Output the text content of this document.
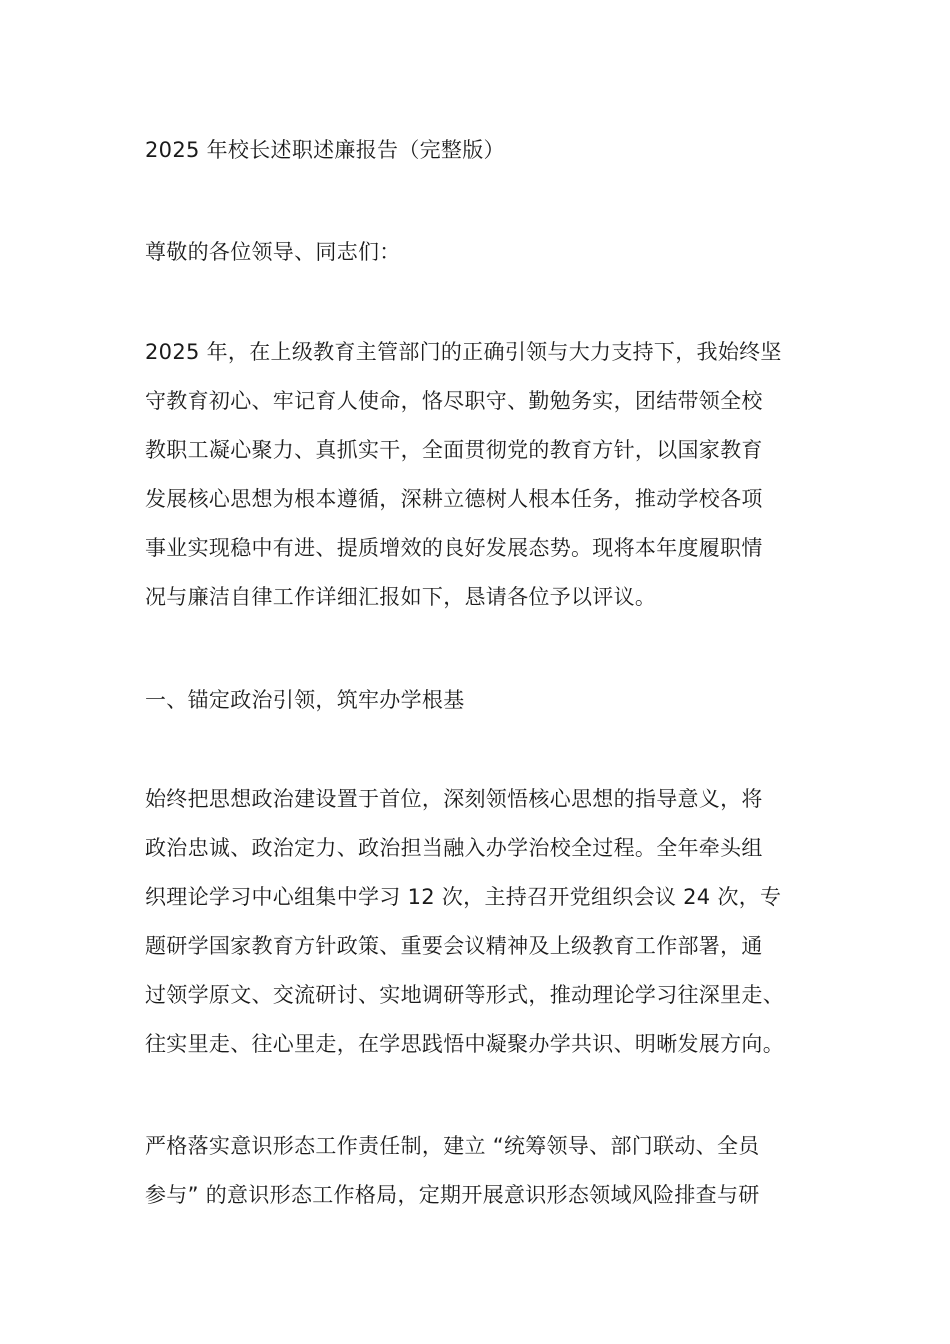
2025 年校长述职述廉报告（完整版）
尊敬的各位领导、同志们：
2025 年，在上级教育主管部门的正确引领与大力支持下，我始终坚
守教育初心、牢记育人使命，恪尽职守、勤勉务实，团结带领全校
教职工凝心聚力、真抓实干，全面贯彻党的教育方针，以国家教育
发展核心思想为根本遵循，深耕立德树人根本任务，推动学校各项
事业实现稳中有进、提质增效的良好发展态势。现将本年度履职情
况与廉洁自律工作详细汇报如下，恳请各位予以评议。
一、锚定政治引领，筑牢办学根基
始终把思想政治建设置于首位，深刻领悟核心思想的指导意义，将
政治忠诚、政治定力、政治担当融入办学治校全过程。全年牵头组
织理论学习中心组集中学习 12 次，主持召开党组织会议 24 次，专
题研学国家教育方针政策、重要会议精神及上级教育工作部署，通
过领学原文、交流研讨、实地调研等形式，推动理论学习往深里走、
往实里走、往心里走，在学思践悟中凝聚办学共识、明晰发展方向。
严格落实意识形态工作责任制，建立 “统筹领导、部门联动、全员
参与” 的意识形态工作格局，定期开展意识形态领域风险排查与研
